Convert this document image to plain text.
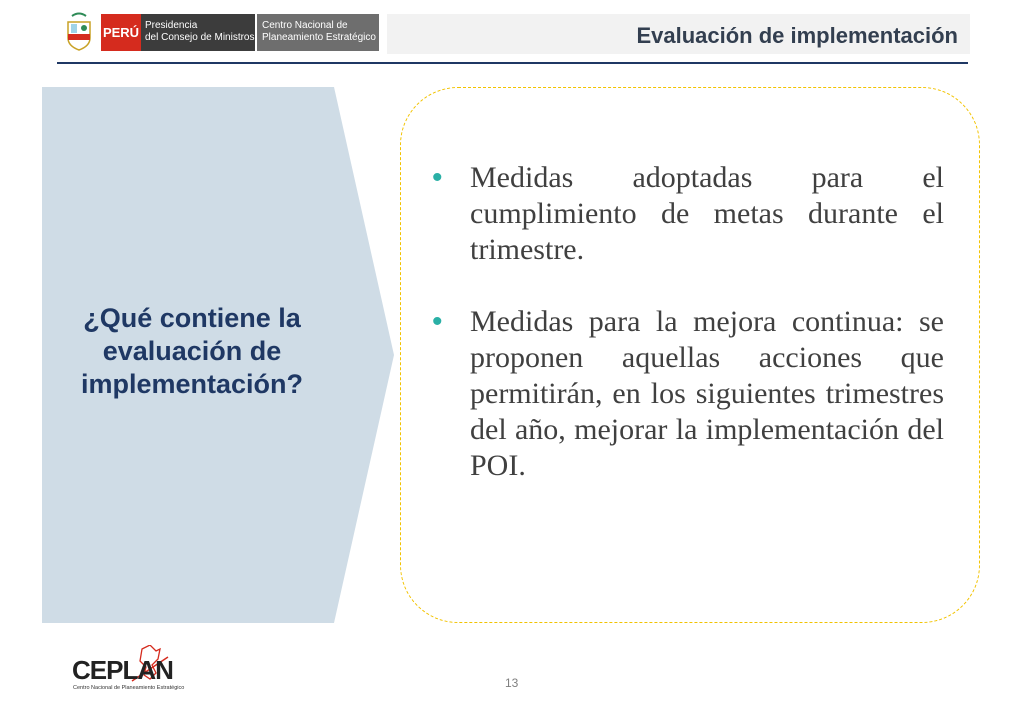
PERÚ Presidencia
del Consejo de Ministros
Centro Nacional de
Planeamiento Estratégico	Evaluación de implementación
¿Qué contiene la evaluación de implementación?
• Medidas adoptadas para el cumplimiento de metas durante el trimestre.
• Medidas para la mejora continua: se proponen aquellas acciones que permitirán, en los siguientes trimestres del año, mejorar la implementación del POI.
CEPLAN
Centro Nacional de Planeamiento Estratégico	13
